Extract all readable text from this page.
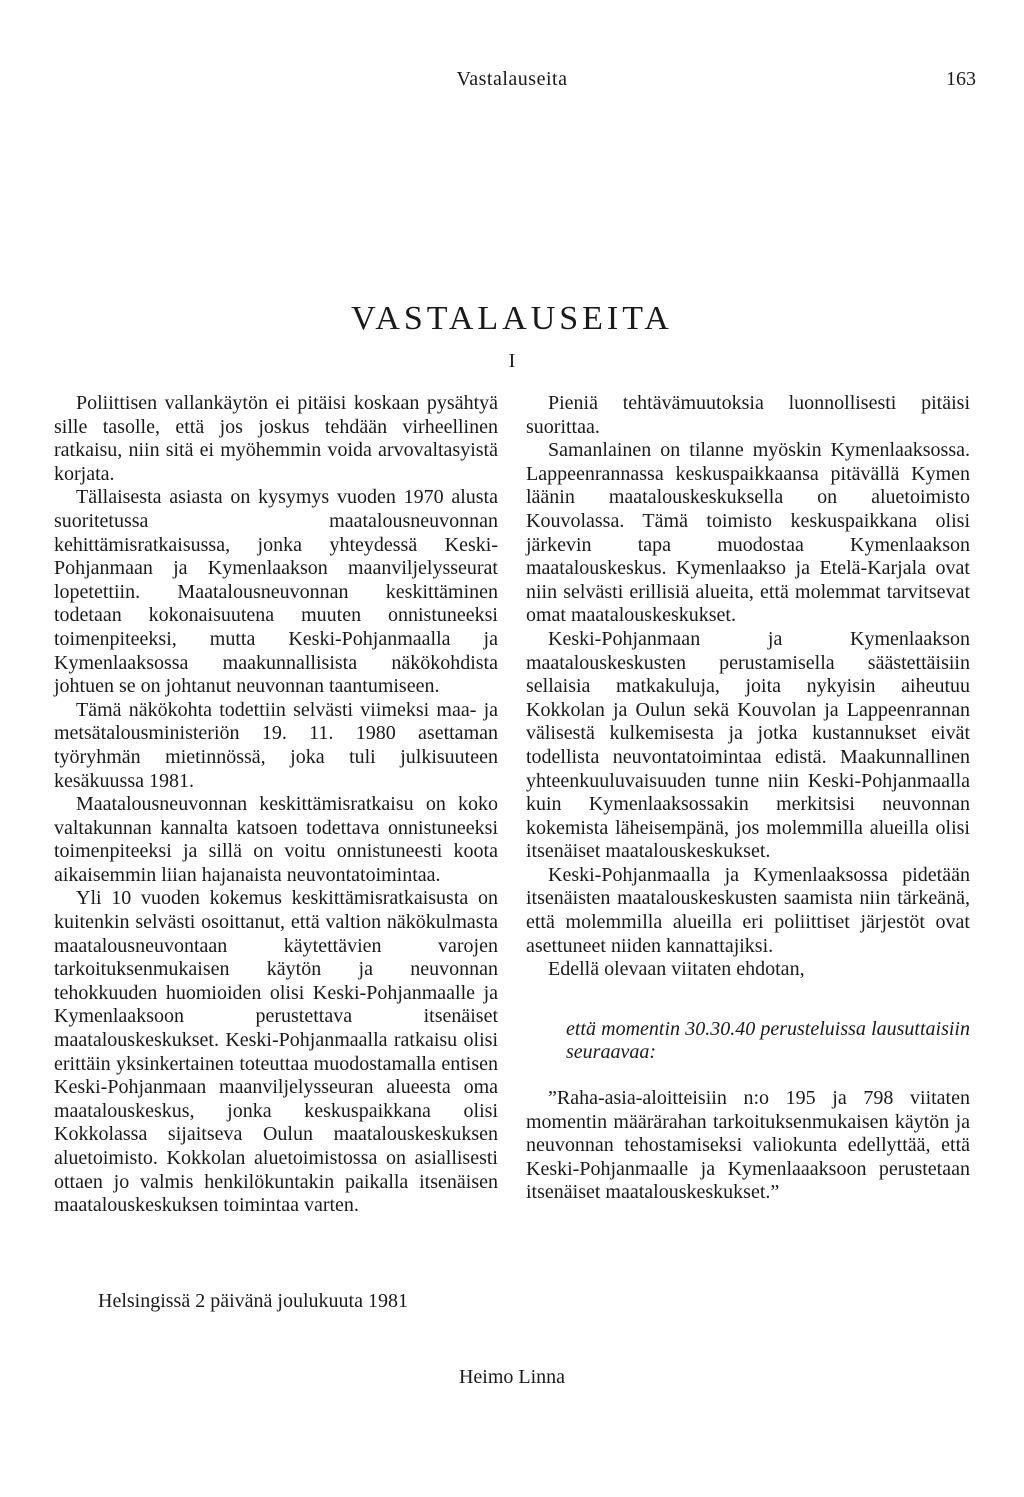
Vastalauseita	163
VASTALAUSEITA
I

Poliittisen vallankäytön ei pitäisi koskaan pysähtyä sille tasolle, että jos joskus tehdään virheellinen ratkaisu, niin sitä ei myöhemmin voida arvovaltasyistä korjata.

Tällaisesta asiasta on kysymys vuoden 1970 alusta suoritetussa maatalousneuvonnan kehittämisratkaisussa, jonka yhteydessä Keski-Pohjanmaan ja Kymenlaakson maanviljelysseurat lopetettiin. Maatalousneuvonnan keskittäminen todetaan kokonaisuutena muuten onnistuneeksi toimenpiteeksi, mutta Keski-Pohjanmaalla ja Kymenlaaksossa maakunnallisista näkökohdista johtuen se on johtanut neuvonnan taantumiseen.

Tämä näkökohta todettiin selvästi viimeksi maa- ja metsätalousministeriön 19. 11. 1980 asettaman työryhmän mietinnössä, joka tuli julkisuuteen kesäkuussa 1981.

Maatalousneuvonnan keskittämisratkaisu on koko valtakunnan kannalta katsoen todettava onnistuneeksi toimenpiteeksi ja sillä on voitu onnistuneesti koota aikaisemmin liian hajanaista neuvontatoimintaa.

Yli 10 vuoden kokemus keskittämisratkaisusta on kuitenkin selvästi osoittanut, että valtion näkökulmasta maatalousneuvontaan käytettävien varojen tarkoituksenmukaisen käytön ja neuvonnan tehokkuuden huomioiden olisi Keski-Pohjanmaalle ja Kymenlaaksoon perustettava itsenäiset maatalouskeskukset. Keski-Pohjanmaalla ratkaisu olisi erittäin yksinkertainen toteuttaa muodostamalla entisen Keski-Pohjanmaan maanviljelysseuran alueesta oma maatalouskeskus, jonka keskuspaikkana olisi Kokkolassa sijaitseva Oulun maatalouskeskuksen aluetoimisto. Kokkolan aluetoimistossa on asiallisesti ottaen jo valmis henkilökuntakin paikalla itsenäisen maatalouskeskuksen toimintaa varten.

Pieniä tehtävämuutoksia luonnollisesti pitäisi suorittaa.

Samanlainen on tilanne myöskin Kymenlaaksossa. Lappeenrannassa keskuspaikkaansa pitävällä Kymen läänin maatalouskeskuksella on aluetoimisto Kouvolassa. Tämä toimisto keskuspaikkana olisi järkevin tapa muodostaa Kymenlaakson maatalouskeskus. Kymenlaakso ja Etelä-Karjala ovat niin selvästi erillisiä alueita, että molemmat tarvitsevat omat maatalouskeskukset.

Keski-Pohjanmaan ja Kymenlaakson maatalouskeskusten perustamisella säästettäisiin sellaisia matkakuluja, joita nykyisin aiheutuu Kokkolan ja Oulun sekä Kouvolan ja Lappeenrannan välisestä kulkemisesta ja jotka kustannukset eivät todellista neuvontatoimintaa edistä. Maakunnallinen yhteenkuuluvaisuuden tunne niin Keski-Pohjanmaalla kuin Kymenlaaksossakin merkitsisi neuvonnan kokemista läheisempänä, jos molemmilla alueilla olisi itsenäiset maatalouskeskukset.

Keski-Pohjanmaalla ja Kymenlaaksossa pidetään itsenäisten maatalouskeskusten saamista niin tärkeänä, että molemmilla alueilla eri poliittiset järjestöt ovat asettuneet niiden kannattajiksi.

Edellä olevaan viitaten ehdotan,

että momentin 30.30.40 perusteluissa lausuttaisiin seuraavaa:

”Raha-asia-aloitteisiin n:o 195 ja 798 viitaten momentin määrärahan tarkoituksenmukaisen käytön ja neuvonnan tehostamiseksi valiokunta edellyttää, että Keski-Pohjanmaalle ja Kymenlaaaksoon perustetaan itsenäiset maatalouskeskukset.”

Helsingissä 2 päivänä joulukuuta 1981
Heimo Linna
